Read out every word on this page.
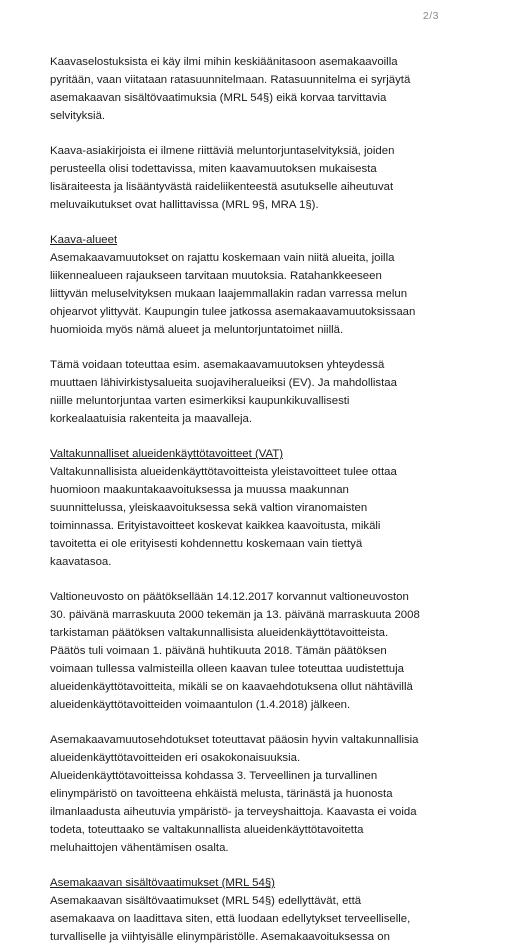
2/3
Kaavaselostuksista ei käy ilmi mihin keskiäänitasoon asemakaavoilla
pyritään, vaan viitataan ratasuunnitelmaan. Ratasuunnitelma ei syrjäytä
asemakaavan sisältövaatimuksia (MRL 54§) eikä korvaa tarvittavia
selvityksiä.
Kaava-asiakirjoista ei ilmene riittäviä meluntorjuntaselvityksiä, joiden
perusteella olisi todettavissa, miten kaavamuutoksen mukaisesta
lisäraiteesta ja lisääntyvästä raideliikenteestä asutukselle aiheutuvat
meluvaikutukset ovat hallittavissa (MRL 9§, MRA 1§).
Kaava-alueet
Asemakaavamuutokset on rajattu koskemaan vain niitä alueita, joilla
liikennealueen rajaukseen tarvitaan muutoksia. Ratahankkeeseen
liittyvän meluselvityksen mukaan laajemmallakin radan varressa melun
ohjearvot ylittyvät. Kaupungin tulee jatkossa asemakaavamuutoksissaan
huomioida myös nämä alueet ja meluntorjuntatoimet niillä.
Tämä voidaan toteuttaa esim. asemakaavamuutoksen yhteydessä
muuttaen lähivirkistysalueita suojaviheralueiksi (EV). Ja mahdollistaa
niille meluntorjuntaa varten esimerkiksi kaupunkikuvallisesti
korkealaatuisia rakenteita ja maavalleja.
Valtakunnalliset alueidenkäyttötavoitteet (VAT)
Valtakunnallisista alueidenkäyttötavoitteista yleistavoitteet tulee ottaa
huomioon maakuntakaavoituksessa ja muussa maakunnan
suunnittelussa, yleiskaavoituksessa sekä valtion viranomaisten
toiminnassa. Erityistavoitteet koskevat kaikkea kaavoitusta, mikäli
tavoitetta ei ole erityisesti kohdennettu koskemaan vain tiettyä
kaavatasoa.
Valtioneuvosto on päätöksellään 14.12.2017 korvannut valtioneuvoston
30. päivänä marraskuuta 2000 tekemän ja 13. päivänä marraskuuta 2008
tarkistaman päätöksen valtakunnallisista alueidenkäyttötavoitteista.
Päätös tuli voimaan 1. päivänä huhtikuuta 2018. Tämän päätöksen
voimaan tullessa valmisteilla olleen kaavan tulee toteuttaa uudistettuja
alueidenkäyttötavoitteita, mikäli se on kaavaehdotuksena ollut nähtävillä
alueidenkäyttötavoitteiden voimaantulon (1.4.2018) jälkeen.
Asemakaavamuutosehdotukset toteuttavat pääosin hyvin valtakunnallisia
alueidenkäyttötavoitteiden eri osakokonaisuuksia.
Alueidenkäyttötavoitteissa kohdassa 3. Terveellinen ja turvallinen
elinympäristö on tavoitteena ehkäistä melusta, tärinästä ja huonosta
ilmanlaadusta aiheutuvia ympäristö- ja terveyshaittoja. Kaavasta ei voida
todeta, toteuttaako se valtakunnallista alueidenkäyttötavoitetta
meluhaittojen vähentämisen osalta.
Asemakaavan sisältövaatimukset (MRL 54§)
Asemakaavan sisältövaatimukset (MRL 54§) edellyttävät, että
asemakaava on laadittava siten, että luodaan edellytykset terveelliselle,
turvalliselle ja viihtyisälle elinympäristölle. Asemakaavoituksessa on
